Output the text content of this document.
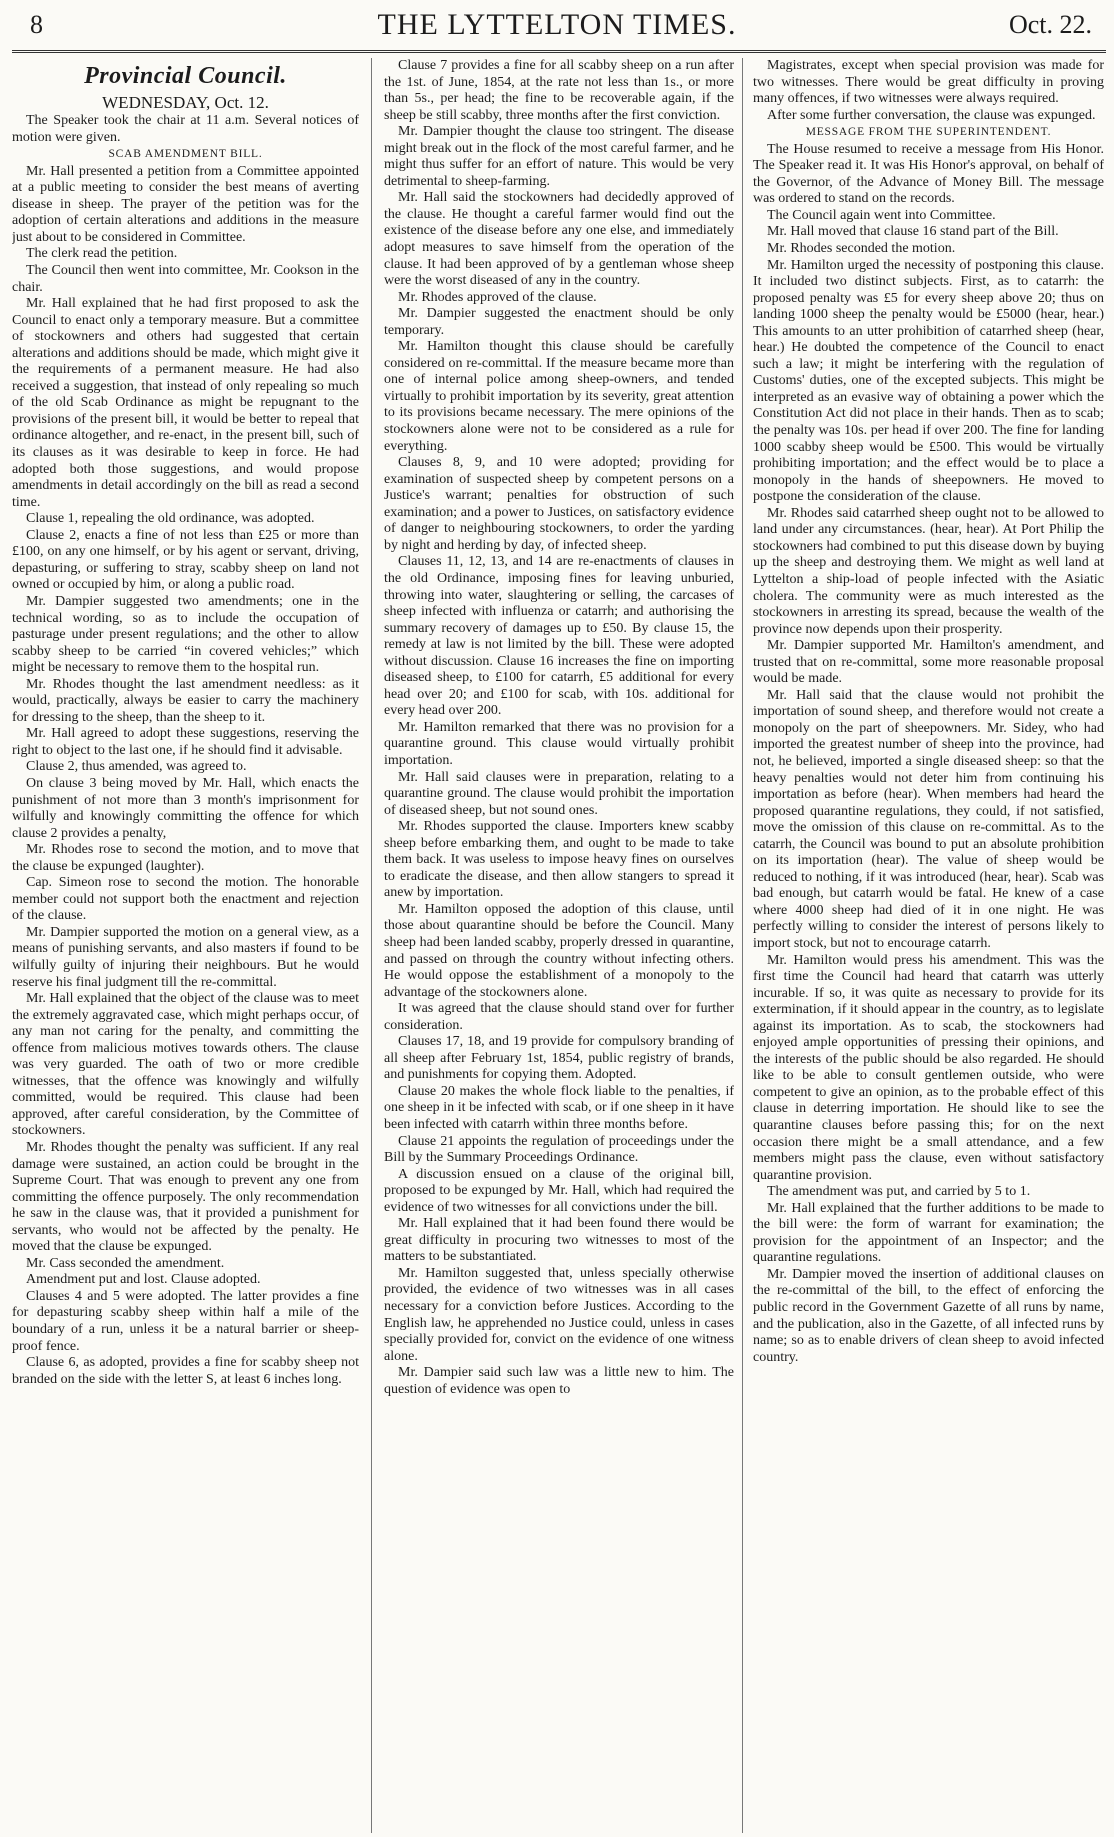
8	THE LYTTELTON TIMES.	Oct. 22.
Provincial Council.
WEDNESDAY, Oct. 12.

The Speaker took the chair at 11 a.m. Several notices of motion were given.

SCAB AMENDMENT BILL.

Mr. Hall presented a petition from a Committee appointed at a public meeting to consider the best means of averting disease in sheep. The prayer of the petition was for the adoption of certain alterations and additions in the measure just about to be considered in Committee.

The clerk read the petition.

The Council then went into committee, Mr. Cookson in the chair.

Mr. Hall explained that he had first proposed to ask the Council to enact only a temporary measure. But a committee of stockowners and others had suggested that certain alterations and additions should be made, which might give it the requirements of a permanent measure. He had also received a suggestion, that instead of only repealing so much of the old Scab Ordinance as might be repugnant to the provisions of the present bill, it would be better to repeal that ordinance altogether, and re-enact, in the present bill, such of its clauses as it was desirable to keep in force. He had adopted both those suggestions, and would propose amendments in detail accordingly on the bill as read a second time.

Clause 1, repealing the old ordinance, was adopted.

Clause 2, enacts a fine of not less than £25 or more than £100, on any one himself, or by his agent or servant, driving, depasturing, or suffering to stray, scabby sheep on land not owned or occupied by him, or along a public road.

Mr. Dampier suggested two amendments; one in the technical wording, so as to include the occupation of pasturage under present regulations; and the other to allow scabby sheep to be carried “in covered vehicles;” which might be necessary to remove them to the hospital run.

Mr. Rhodes thought the last amendment needless: as it would, practically, always be easier to carry the machinery for dressing to the sheep, than the sheep to it.

Mr. Hall agreed to adopt these suggestions, reserving the right to object to the last one, if he should find it advisable.

Clause 2, thus amended, was agreed to.

On clause 3 being moved by Mr. Hall, which enacts the punishment of not more than 3 month's imprisonment for wilfully and knowingly committing the offence for which clause 2 provides a penalty,

Mr. Rhodes rose to second the motion, and to move that the clause be expunged (laughter).

Cap. Simeon rose to second the motion. The honorable member could not support both the enactment and rejection of the clause.

Mr. Dampier supported the motion on a general view, as a means of punishing servants, and also masters if found to be wilfully guilty of injuring their neighbours. But he would reserve his final judgment till the re-committal.

Mr. Hall explained that the object of the clause was to meet the extremely aggravated case, which might perhaps occur, of any man not caring for the penalty, and committing the offence from malicious motives towards others. The clause was very guarded. The oath of two or more credible witnesses, that the offence was knowingly and wilfully committed, would be required. This clause had been approved, after careful consideration, by the Committee of stockowners.

Mr. Rhodes thought the penalty was sufficient. If any real damage were sustained, an action could be brought in the Supreme Court. That was enough to prevent any one from committing the offence purposely. The only recommendation he saw in the clause was, that it provided a punishment for servants, who would not be affected by the penalty. He moved that the clause be expunged.

Mr. Cass seconded the amendment.

Amendment put and lost. Clause adopted.

Clauses 4 and 5 were adopted. The latter provides a fine for depasturing scabby sheep within half a mile of the boundary of a run, unless it be a natural barrier or sheep-proof fence.

Clause 6, as adopted, provides a fine for scabby sheep not branded on the side with the letter S, at least 6 inches long.

Clause 7 provides a fine for all scabby sheep on a run after the 1st. of June, 1854, at the rate not less than 1s., or more than 5s., per head; the fine to be recoverable again, if the sheep be still scabby, three months after the first conviction.

Mr. Dampier thought the clause too stringent. The disease might break out in the flock of the most careful farmer, and he might thus suffer for an effort of nature. This would be very detrimental to sheep-farming.

Mr. Hall said the stockowners had decidedly approved of the clause. He thought a careful farmer would find out the existence of the disease before any one else, and immediately adopt measures to save himself from the operation of the clause. It had been approved of by a gentleman whose sheep were the worst diseased of any in the country.

Mr. Rhodes approved of the clause.

Mr. Dampier suggested the enactment should be only temporary.

Mr. Hamilton thought this clause should be carefully considered on re-committal. If the measure became more than one of internal police among sheep-owners, and tended virtually to prohibit importation by its severity, great attention to its provisions became necessary. The mere opinions of the stockowners alone were not to be considered as a rule for everything.

Clauses 8, 9, and 10 were adopted; providing for examination of suspected sheep by competent persons on a Justice's warrant; penalties for obstruction of such examination; and a power to Justices, on satisfactory evidence of danger to neighbouring stockowners, to order the yarding by night and herding by day, of infected sheep.

Clauses 11, 12, 13, and 14 are re-enactments of clauses in the old Ordinance, imposing fines for leaving unburied, throwing into water, slaughtering or selling, the carcases of sheep infected with influenza or catarrh; and authorising the summary recovery of damages up to £50. By clause 15, the remedy at law is not limited by the bill. These were adopted without discussion. Clause 16 increases the fine on importing diseased sheep, to £100 for catarrh, £5 additional for every head over 20; and £100 for scab, with 10s. additional for every head over 200.

Mr. Hamilton remarked that there was no provision for a quarantine ground. This clause would virtually prohibit importation.

Mr. Hall said clauses were in preparation, relating to a quarantine ground. The clause would prohibit the importation of diseased sheep, but not sound ones.

Mr. Rhodes supported the clause. Importers knew scabby sheep before embarking them, and ought to be made to take them back. It was useless to impose heavy fines on ourselves to eradicate the disease, and then allow stangers to spread it anew by importation.

Mr. Hamilton opposed the adoption of this clause, until those about quarantine should be before the Council. Many sheep had been landed scabby, properly dressed in quarantine, and passed on through the country without infecting others. He would oppose the establishment of a monopoly to the advantage of the stockowners alone.

It was agreed that the clause should stand over for further consideration.

Clauses 17, 18, and 19 provide for compulsory branding of all sheep after February 1st, 1854, public registry of brands, and punishments for copying them. Adopted.

Clause 20 makes the whole flock liable to the penalties, if one sheep in it be infected with scab, or if one sheep in it have been infected with catarrh within three months before.

Clause 21 appoints the regulation of proceedings under the Bill by the Summary Proceedings Ordinance.

A discussion ensued on a clause of the original bill, proposed to be expunged by Mr. Hall, which had required the evidence of two witnesses for all convictions under the bill.

Mr. Hall explained that it had been found there would be great difficulty in procuring two witnesses to most of the matters to be substantiated.

Mr. Hamilton suggested that, unless specially otherwise provided, the evidence of two witnesses was in all cases necessary for a conviction before Justices. According to the English law, he apprehended no Justice could, unless in cases specially provided for, convict on the evidence of one witness alone.

Mr. Dampier said such law was a little new to him. The question of evidence was open to

Magistrates, except when special provision was made for two witnesses. There would be great difficulty in proving many offences, if two witnesses were always required.

After some further conversation, the clause was expunged.

MESSAGE FROM THE SUPERINTENDENT.

The House resumed to receive a message from His Honor. The Speaker read it. It was His Honor's approval, on behalf of the Governor, of the Advance of Money Bill. The message was ordered to stand on the records.

The Council again went into Committee.

Mr. Hall moved that clause 16 stand part of the Bill.

Mr. Rhodes seconded the motion.

Mr. Hamilton urged the necessity of postponing this clause. It included two distinct subjects. First, as to catarrh: the proposed penalty was £5 for every sheep above 20; thus on landing 1000 sheep the penalty would be £5000 (hear, hear.) This amounts to an utter prohibition of catarrhed sheep (hear, hear.) He doubted the competence of the Council to enact such a law; it might be interfering with the regulation of Customs' duties, one of the excepted subjects. This might be interpreted as an evasive way of obtaining a power which the Constitution Act did not place in their hands. Then as to scab; the penalty was 10s. per head if over 200. The fine for landing 1000 scabby sheep would be £500. This would be virtually prohibiting importation; and the effect would be to place a monopoly in the hands of sheepowners. He moved to postpone the consideration of the clause.

Mr. Rhodes said catarrhed sheep ought not to be allowed to land under any circumstances. (hear, hear). At Port Philip the stockowners had combined to put this disease down by buying up the sheep and destroying them. We might as well land at Lyttelton a ship-load of people infected with the Asiatic cholera. The community were as much interested as the stockowners in arresting its spread, because the wealth of the province now depends upon their prosperity.

Mr. Dampier supported Mr. Hamilton's amendment, and trusted that on re-committal, some more reasonable proposal would be made.

Mr. Hall said that the clause would not prohibit the importation of sound sheep, and therefore would not create a monopoly on the part of sheepowners. Mr. Sidey, who had imported the greatest number of sheep into the province, had not, he believed, imported a single diseased sheep: so that the heavy penalties would not deter him from continuing his importation as before (hear). When members had heard the proposed quarantine regulations, they could, if not satisfied, move the omission of this clause on re-committal. As to the catarrh, the Council was bound to put an absolute prohibition on its importation (hear). The value of sheep would be reduced to nothing, if it was introduced (hear, hear). Scab was bad enough, but catarrh would be fatal. He knew of a case where 4000 sheep had died of it in one night. He was perfectly willing to consider the interest of persons likely to import stock, but not to encourage catarrh.

Mr. Hamilton would press his amendment. This was the first time the Council had heard that catarrh was utterly incurable. If so, it was quite as necessary to provide for its extermination, if it should appear in the country, as to legislate against its importation. As to scab, the stockowners had enjoyed ample opportunities of pressing their opinions, and the interests of the public should be also regarded. He should like to be able to consult gentlemen outside, who were competent to give an opinion, as to the probable effect of this clause in deterring importation. He should like to see the quarantine clauses before passing this; for on the next occasion there might be a small attendance, and a few members might pass the clause, even without satisfactory quarantine provision.

The amendment was put, and carried by 5 to 1.

Mr. Hall explained that the further additions to be made to the bill were: the form of warrant for examination; the provision for the appointment of an Inspector; and the quarantine regulations.

Mr. Dampier moved the insertion of additional clauses on the re-committal of the bill, to the effect of enforcing the public record in the Government Gazette of all runs by name, and the publication, also in the Gazette, of all infected runs by name; so as to enable drivers of clean sheep to avoid infected country.
